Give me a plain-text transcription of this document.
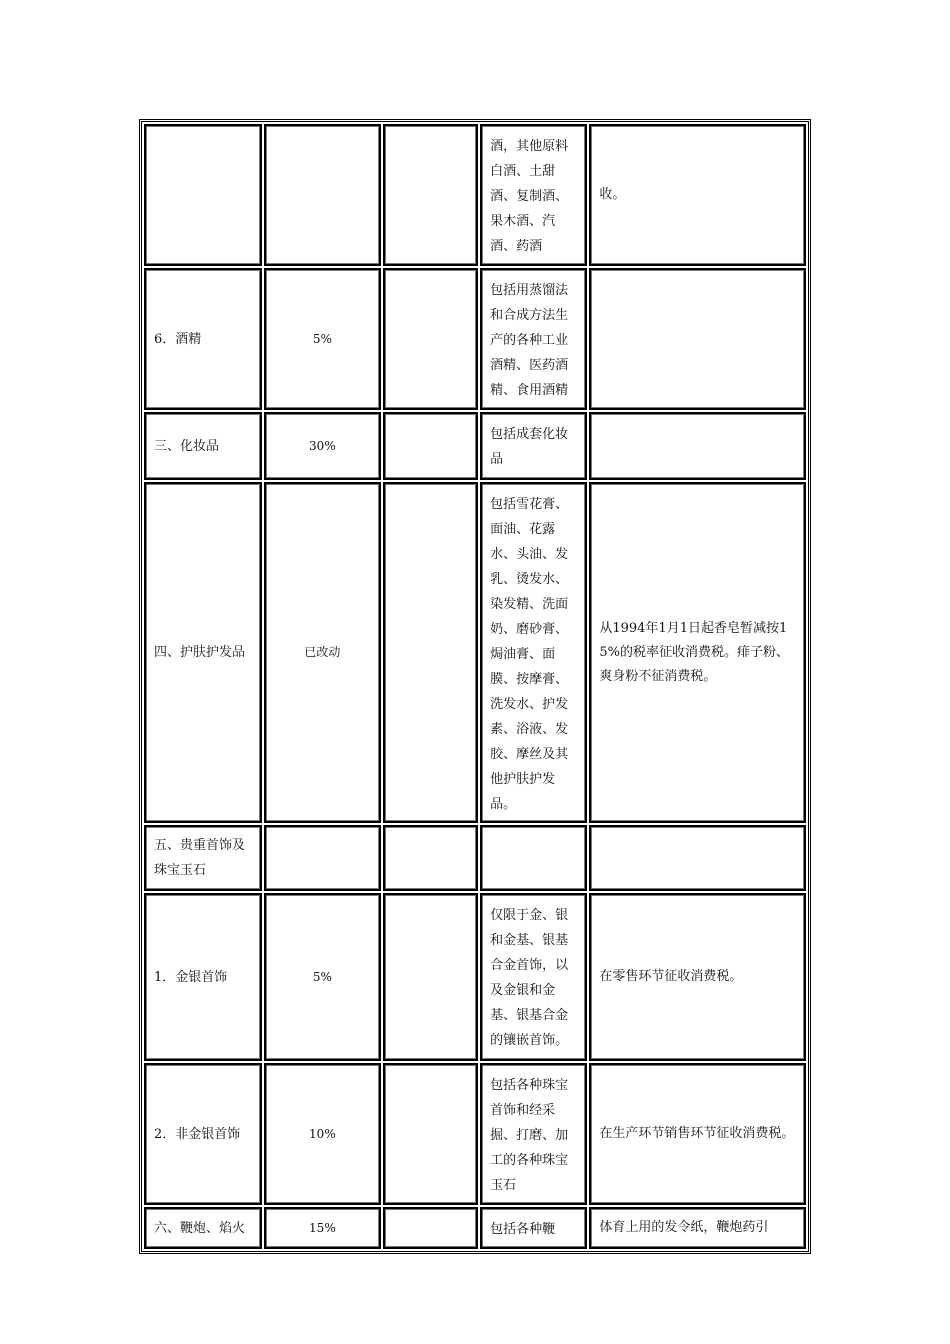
			酒，其他原料白酒、土甜酒、复制酒、果木酒、汽酒、药酒	收。
6．酒精	5%		包括用蒸馏法和合成方法生产的各种工业酒精、医药酒精、食用酒精	
三、化妆品	30%		包括成套化妆品	
四、护肤护发品	已改动		包括雪花膏、面油、花露水、头油、发乳、烫发水、染发精、洗面奶、磨砂膏、焗油膏、面膜、按摩膏、洗发水、护发素、浴液、发胶、摩丝及其他护肤护发品。	从1994年1月1日起香皂暂减按15%的税率征收消费税。痱子粉、爽身粉不征消费税。
五、贵重首饰及珠宝玉石				
1．金银首饰	5%		仅限于金、银和金基、银基合金首饰，以及金银和金基、银基合金的镶嵌首饰。	在零售环节征收消费税。
2．非金银首饰	10%		包括各种珠宝首饰和经采掘、打磨、加工的各种珠宝玉石	在生产环节销售环节征收消费税。
六、鞭炮、焰火	15%		包括各种鞭	体育上用的发令纸，鞭炮药引
